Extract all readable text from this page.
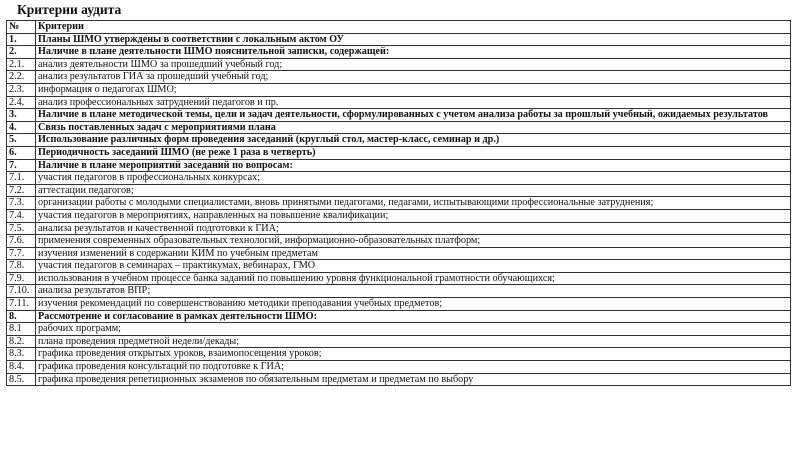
Критерии аудита
№	Критерии
1.	Планы ШМО утверждены в соответствии с локальным актом ОУ
2.	Наличие в плане деятельности ШМО пояснительной записки, содержащей:
2.1.	анализ деятельности ШМО за прошедший учебный год;
2.2.	анализ результатов ГИА за прошедший учебный год;
2.3.	информация о педагогах ШМО;
2.4.	анализ профессиональных затруднений педагогов и пр.
3.	Наличие в плане методической темы, цели и задач деятельности, сформулированных с учетом анализа работы за прошлый учебный, ожидаемых результатов
4.	Связь поставленных задач с мероприятиями плана
5.	Использование различных форм проведения заседаний (круглый стол, мастер-класс, семинар и др.)
6.	Периодичность заседаний ШМО (не реже 1 раза в четверть)
7.	Наличие в плане мероприятий заседаний по вопросам:
7.1.	участия педагогов в профессиональных конкурсах;
7.2.	аттестации педагогов;
7.3.	организации работы с молодыми специалистами, вновь принятыми педагогами, педагами, испытывающими профессиональные затруднения;
7.4.	участия педагогов в мероприятиях, направленных на повышение квалификации;
7.5.	анализа результатов и качественной подготовки к ГИА;
7.6.	применения современных образовательных технологий, информационно-образовательных платформ;
7.7.	изучения изменений в содержании КИМ по учебным предметам
7.8.	участия педагогов в семинарах – практикумах, вебинарах, ГМО
7.9.	использования в учебном процессе банка заданий по повышению уровня функциональной грамотности обучающихся;
7.10.	анализа результатов ВПР;
7.11.	изучения рекомендаций по совершенствованию методики преподавания учебных предметов;
8.	Рассмотрение и согласование в рамках деятельности ШМО:
8.1	рабочих программ;
8.2.	плана проведения предметной недели/декады;
8.3.	графика проведения открытых уроков, взаимопосещения уроков;
8.4.	графика проведения консультаций по подготовке к ГИА;
8.5.	графика проведения репетиционных экзаменов по обязательным предметам и предметам по выбору
